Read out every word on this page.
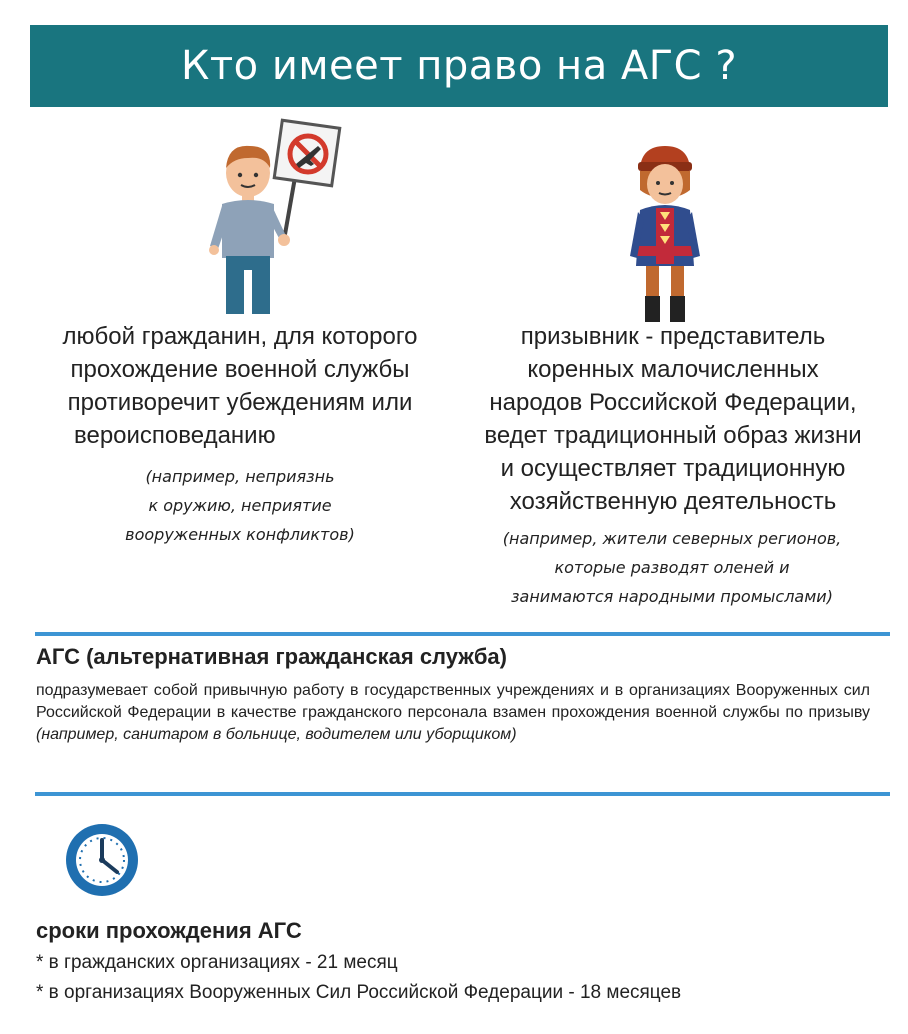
Кто имеет право на АГС ?
любой гражданин, для которого
прохождение военной службы
противоречит убеждениям или
вероисповеданию
(например, неприязнь
к оружию, неприятие
вооруженных конфликтов)
призывник - представитель
коренных малочисленных
народов Российской Федерации,
ведет традиционный образ жизни
и осуществляет традиционную
хозяйственную деятельность
(например, жители северных регионов,
которые разводят оленей и
занимаются народными промыслами)
АГС (альтернативная гражданская служба)
подразумевает собой привычную работу в государственных учреждениях и в организациях Вооруженных сил Российской Федерации в качестве гражданского персонала взамен прохождения военной службы по призыву (например, санитаром в больнице, водителем или уборщиком)
сроки прохождения АГС
* в гражданских организациях - 21 месяц
* в организациях Вооруженных Сил Российской Федерации - 18 месяцев
